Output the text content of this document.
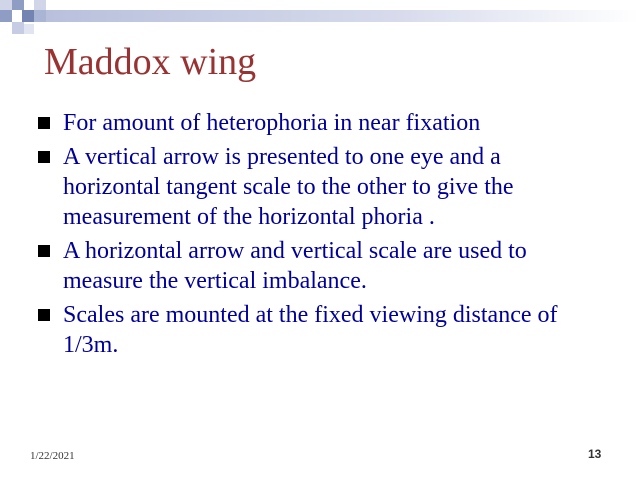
Maddox wing
For amount of heterophoria in near fixation
A vertical arrow is presented to one eye and a horizontal tangent scale to the other to give the measurement of the horizontal phoria .
A horizontal arrow and vertical scale are used to measure the vertical imbalance.
Scales are mounted at the fixed viewing distance of 1/3m.
1/22/2021	13
